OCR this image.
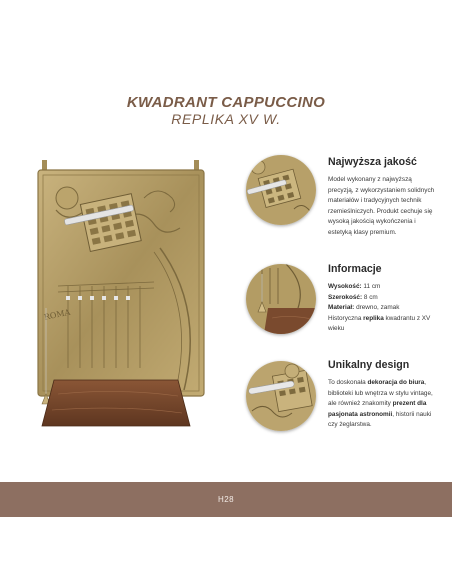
KWADRANT CAPPUCCINO
REPLIKA XV W.
ROMA
Najwyższa jakość

Model wykonany z najwyższą precyzją, z wykorzystaniem solidnych materiałów i tradycyjnych technik rzemieślniczych. Produkt cechuje się wysoką jakością wykończenia i estetyką klasy premium.

Informacje

Wysokość: 11 cm
Szerokość: 8 cm
Materiał: drewno, zamak
Historyczna replika kwadrantu z XV wieku

Unikalny design

To doskonała dekoracja do biura, biblioteki lub wnętrza w stylu vintage, ale również znakomity prezent dla pasjonata astronomii, historii nauki czy żeglarstwa.

H28
